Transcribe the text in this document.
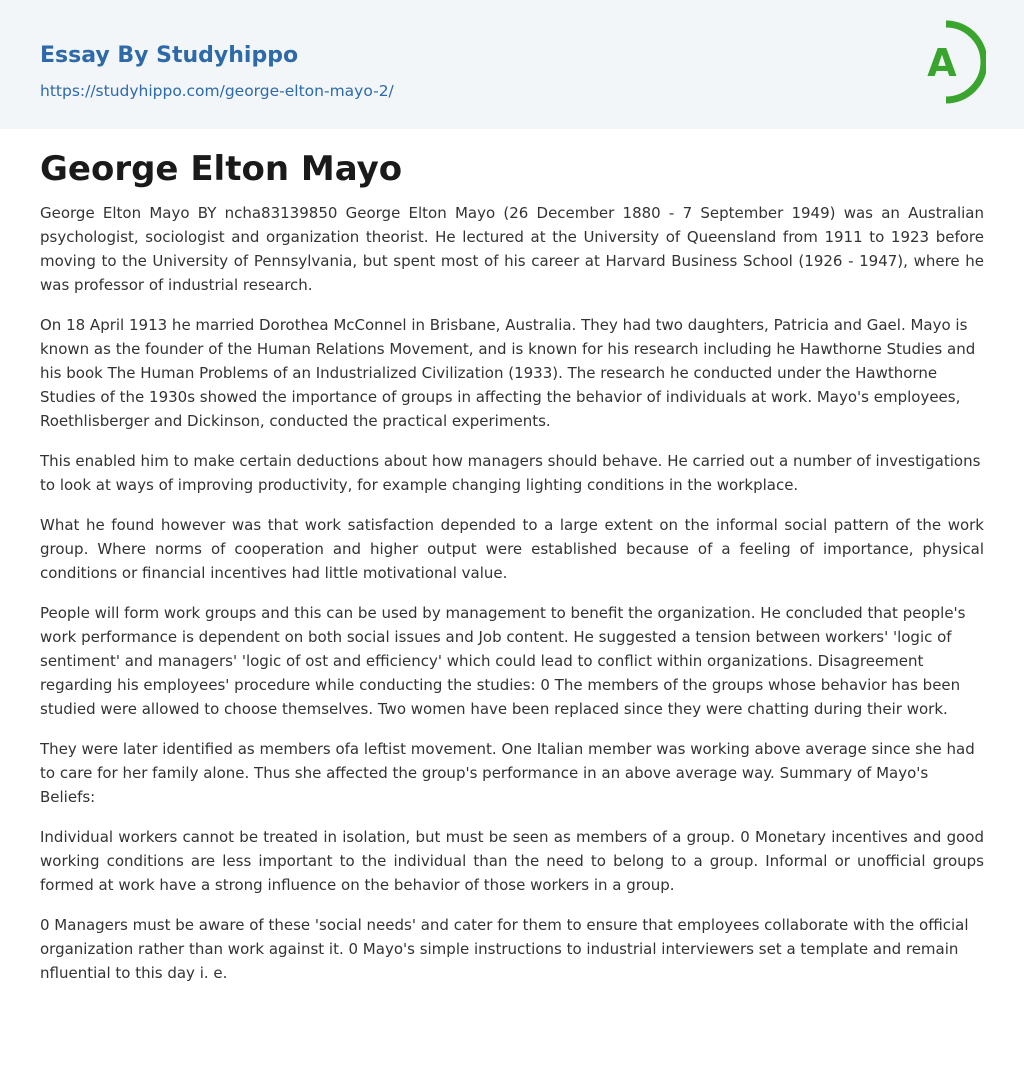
Essay By Studyhippo
https://studyhippo.com/george-elton-mayo-2/
A
George Elton Mayo

George Elton Mayo BY ncha83139850 George Elton Mayo (26 December 1880 - 7 September 1949) was an Australian psychologist, sociologist and organization theorist. He lectured at the University of Queensland from 1911 to 1923 before moving to the University of Pennsylvania, but spent most of his career at Harvard Business School (1926 - 1947), where he was professor of industrial research.

On 18 April 1913 he married Dorothea McConnel in Brisbane, Australia. They had two daughters, Patricia and Gael. Mayo is known as the founder of the Human Relations Movement, and is known for his research including he Hawthorne Studies and his book The Human Problems of an Industrialized Civilization (1933). The research he conducted under the Hawthorne Studies of the 1930s showed the importance of groups in affecting the behavior of individuals at work. Mayo's employees, Roethlisberger and Dickinson, conducted the practical experiments.

This enabled him to make certain deductions about how managers should behave. He carried out a number of investigations to look at ways of improving productivity, for example changing lighting conditions in the workplace.

What he found however was that work satisfaction depended to a large extent on the informal social pattern of the work group. Where norms of cooperation and higher output were established because of a feeling of importance, physical conditions or financial incentives had little motivational value.

People will form work groups and this can be used by management to benefit the organization. He concluded that people's work performance is dependent on both social issues and Job content. He suggested a tension between workers' 'logic of sentiment' and managers' 'logic of ost and efficiency' which could lead to conflict within organizations. Disagreement regarding his employees' procedure while conducting the studies: 0 The members of the groups whose behavior has been studied were allowed to choose themselves. Two women have been replaced since they were chatting during their work.

They were later identified as members ofa leftist movement. One Italian member was working above average since she had to care for her family alone. Thus she affected the group's performance in an above average way. Summary of Mayo's Beliefs:

Individual workers cannot be treated in isolation, but must be seen as members of a group. 0 Monetary incentives and good working conditions are less important to the individual than the need to belong to a group. Informal or unofficial groups formed at work have a strong influence on the behavior of those workers in a group.

0 Managers must be aware of these 'social needs' and cater for them to ensure that employees collaborate with the official organization rather than work against it. 0 Mayo's simple instructions to industrial interviewers set a template and remain nfluential to this day i. e.
